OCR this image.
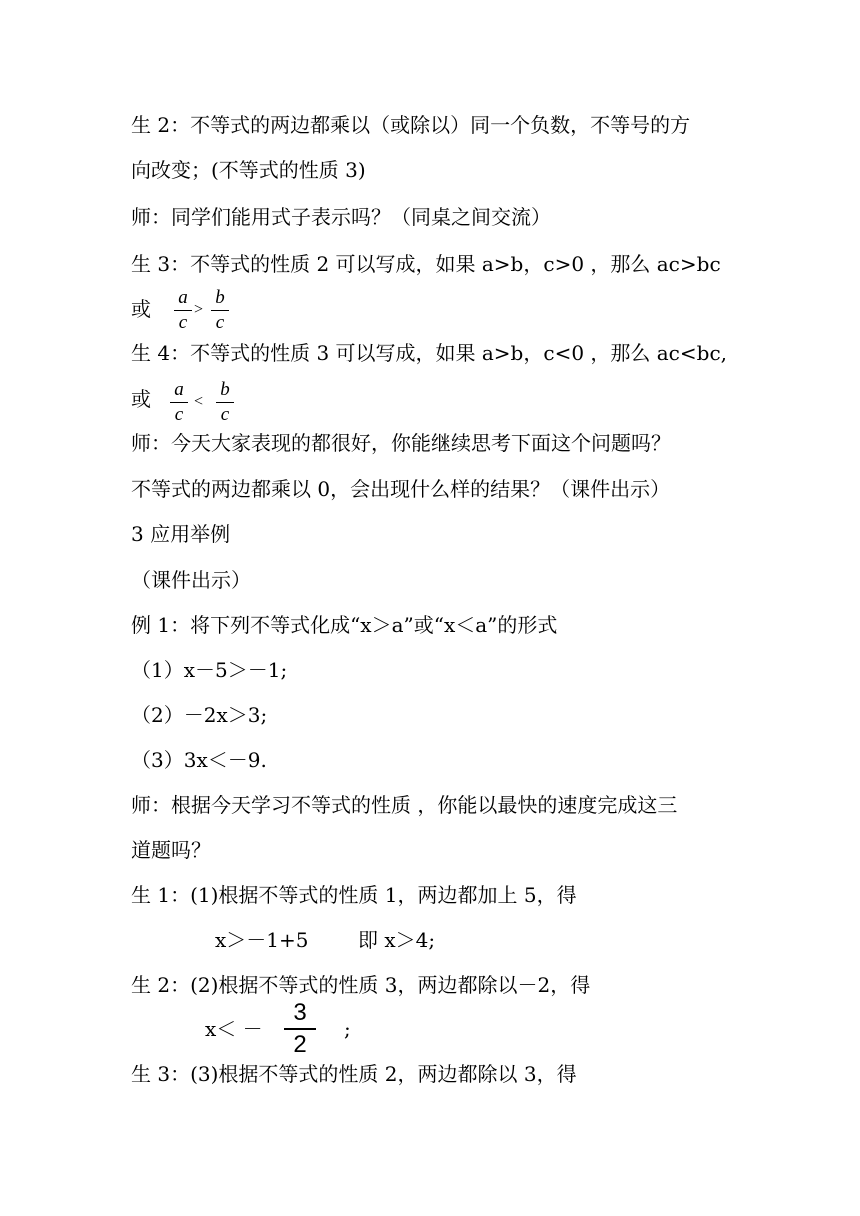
生 2：不等式的两边都乘以（或除以）同一个负数，不等号的方
向改变；(不等式的性质 3)
师：同学们能用式子表示吗？（同桌之间交流）
生 3：不等式的性质 2 可以写成，如果 a>b，c>0 ，那么 ac>bc
或 a
c
>
b
c
生 4：不等式的性质 3 可以写成，如果 a>b，c<0 ，那么 ac<bc,
或 a
c
<
b
c
师：今天大家表现的都很好，你能继续思考下面这个问题吗？
不等式的两边都乘以 0，会出现什么样的结果？（课件出示）
3 应用举例
（课件出示）
例 1：将下列不等式化成“x＞a”或“x＜a”的形式
（1）x－5＞－1;
（2）－2x＞3;
（3）3x＜－9.
师：根据今天学习不等式的性质 ，你能以最快的速度完成这三
道题吗？
生 1：(1)根据不等式的性质 1，两边都加上 5，得
x＞－1+5 即 x＞4;
生 2：(2)根据不等式的性质 3，两边都除以－2，得
x＜ －
3
2
;
生 3：(3)根据不等式的性质 2，两边都除以 3，得
